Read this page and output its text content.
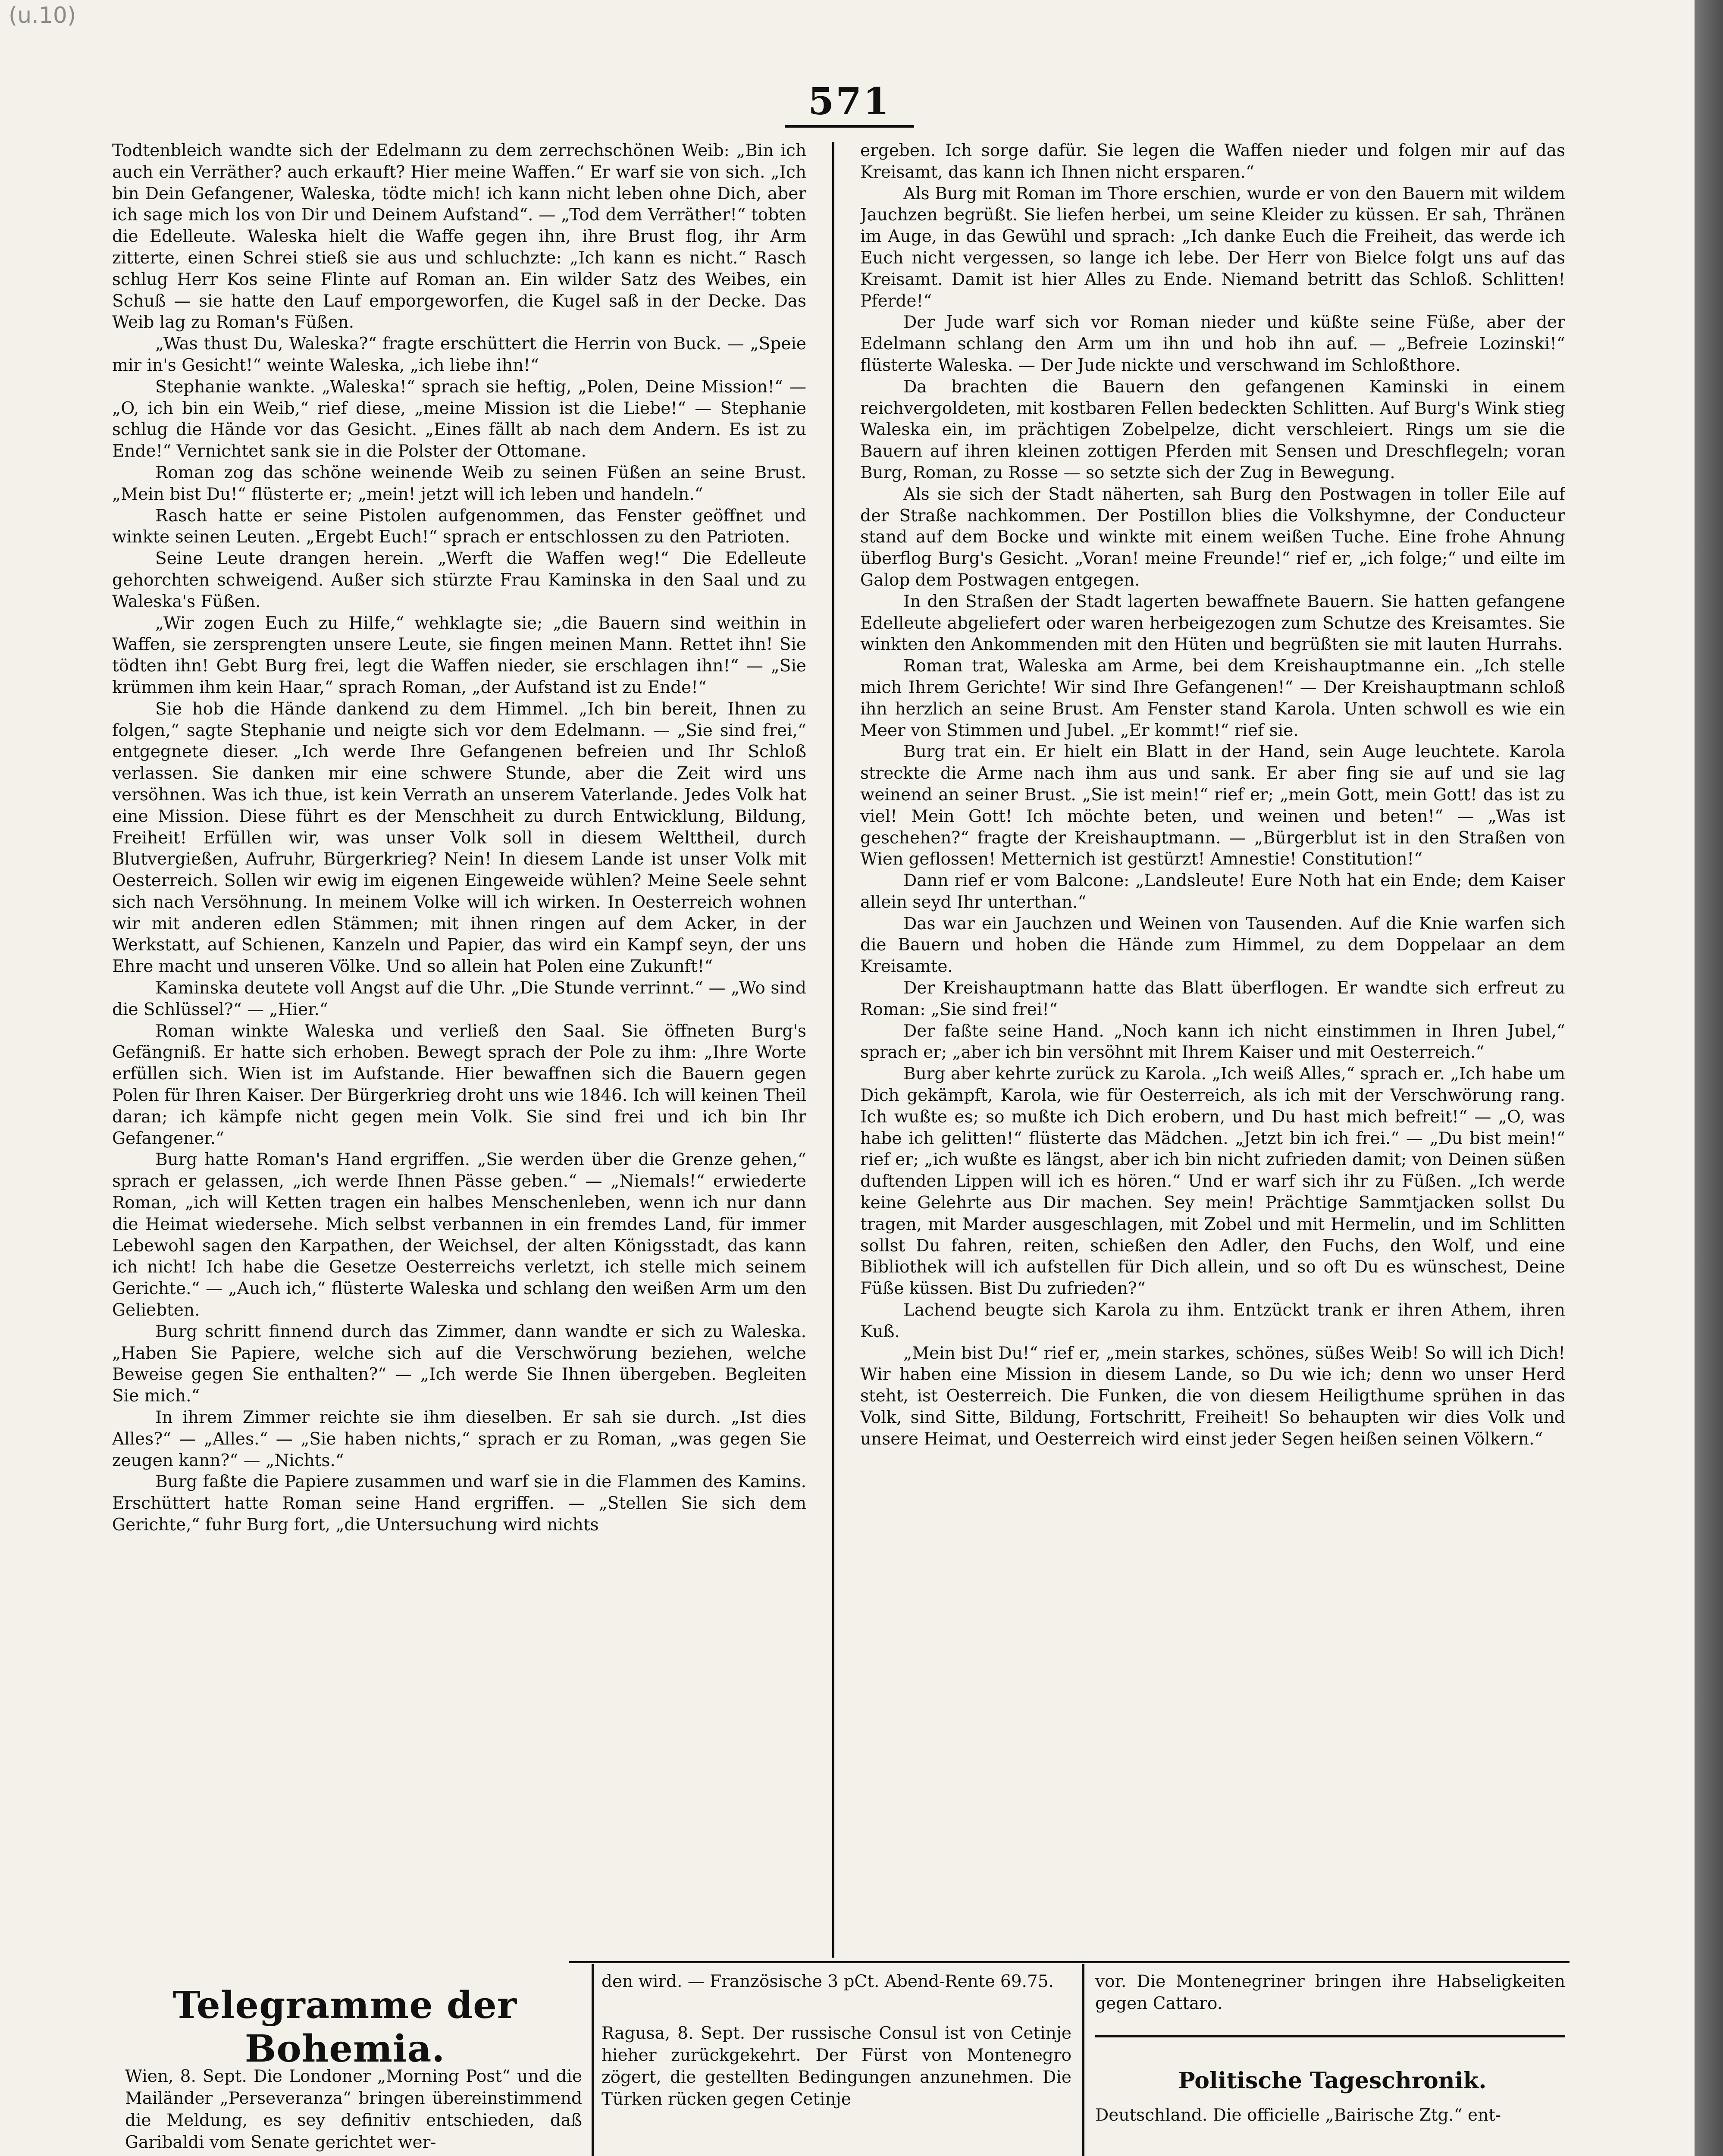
(u.10)
571

Todtenbleich wandte sich der Edelmann zu dem zerrechschönen Weib: „Bin ich auch ein Verräther? auch erkauft? Hier meine Waffen.“ Er warf sie von sich. „Ich bin Dein Gefangener, Waleska, tödte mich! ich kann nicht leben ohne Dich, aber ich sage mich los von Dir und Deinem Aufstand“. — „Tod dem Verräther!“ tobten die Edelleute. Waleska hielt die Waffe gegen ihn, ihre Brust flog, ihr Arm zitterte, einen Schrei stieß sie aus und schluchzte: „Ich kann es nicht.“ Rasch schlug Herr Kos seine Flinte auf Roman an. Ein wilder Satz des Weibes, ein Schuß — sie hatte den Lauf emporgeworfen, die Kugel saß in der Decke. Das Weib lag zu Roman's Füßen.

„Was thust Du, Waleska?“ fragte erschüttert die Herrin von Buck. — „Speie mir in's Gesicht!“ weinte Waleska, „ich liebe ihn!“

Stephanie wankte. „Waleska!“ sprach sie heftig, „Polen, Deine Mission!“ — „O, ich bin ein Weib,“ rief diese, „meine Mission ist die Liebe!“ — Stephanie schlug die Hände vor das Gesicht. „Eines fällt ab nach dem Andern. Es ist zu Ende!“ Vernichtet sank sie in die Polster der Ottomane.

Roman zog das schöne weinende Weib zu seinen Füßen an seine Brust. „Mein bist Du!“ flüsterte er; „mein! jetzt will ich leben und handeln.“

Rasch hatte er seine Pistolen aufgenommen, das Fenster geöffnet und winkte seinen Leuten. „Ergebt Euch!“ sprach er entschlossen zu den Patrioten.

Seine Leute drangen herein. „Werft die Waffen weg!“ Die Edelleute gehorchten schweigend. Außer sich stürzte Frau Kaminska in den Saal und zu Waleska's Füßen.

„Wir zogen Euch zu Hilfe,“ wehklagte sie; „die Bauern sind weithin in Waffen, sie zersprengten unsere Leute, sie fingen meinen Mann. Rettet ihn! Sie tödten ihn! Gebt Burg frei, legt die Waffen nieder, sie erschlagen ihn!“ — „Sie krümmen ihm kein Haar,“ sprach Roman, „der Aufstand ist zu Ende!“

Sie hob die Hände dankend zu dem Himmel. „Ich bin bereit, Ihnen zu folgen,“ sagte Stephanie und neigte sich vor dem Edelmann. — „Sie sind frei,“ entgegnete dieser. „Ich werde Ihre Gefangenen befreien und Ihr Schloß verlassen. Sie danken mir eine schwere Stunde, aber die Zeit wird uns versöhnen. Was ich thue, ist kein Verrath an unserem Vaterlande. Jedes Volk hat eine Mission. Diese führt es der Menschheit zu durch Entwicklung, Bildung, Freiheit! Erfüllen wir, was unser Volk soll in diesem Welttheil, durch Blutvergießen, Aufruhr, Bürgerkrieg? Nein! In diesem Lande ist unser Volk mit Oesterreich. Sollen wir ewig im eigenen Eingeweide wühlen? Meine Seele sehnt sich nach Versöhnung. In meinem Volke will ich wirken. In Oesterreich wohnen wir mit anderen edlen Stämmen; mit ihnen ringen auf dem Acker, in der Werkstatt, auf Schienen, Kanzeln und Papier, das wird ein Kampf seyn, der uns Ehre macht und unseren Völke. Und so allein hat Polen eine Zukunft!“

Kaminska deutete voll Angst auf die Uhr. „Die Stunde verrinnt.“ — „Wo sind die Schlüssel?“ — „Hier.“

Roman winkte Waleska und verließ den Saal. Sie öffneten Burg's Gefängniß. Er hatte sich erhoben. Bewegt sprach der Pole zu ihm: „Ihre Worte erfüllen sich. Wien ist im Aufstande. Hier bewaffnen sich die Bauern gegen Polen für Ihren Kaiser. Der Bürgerkrieg droht uns wie 1846. Ich will keinen Theil daran; ich kämpfe nicht gegen mein Volk. Sie sind frei und ich bin Ihr Gefangener.“

Burg hatte Roman's Hand ergriffen. „Sie werden über die Grenze gehen,“ sprach er gelassen, „ich werde Ihnen Pässe geben.“ — „Niemals!“ erwiederte Roman, „ich will Ketten tragen ein halbes Menschenleben, wenn ich nur dann die Heimat wiedersehe. Mich selbst verbannen in ein fremdes Land, für immer Lebewohl sagen den Karpathen, der Weichsel, der alten Königsstadt, das kann ich nicht! Ich habe die Gesetze Oesterreichs verletzt, ich stelle mich seinem Gerichte.“ — „Auch ich,“ flüsterte Waleska und schlang den weißen Arm um den Geliebten.

Burg schritt finnend durch das Zimmer, dann wandte er sich zu Waleska. „Haben Sie Papiere, welche sich auf die Verschwörung beziehen, welche Beweise gegen Sie enthalten?“ — „Ich werde Sie Ihnen übergeben. Begleiten Sie mich.“

In ihrem Zimmer reichte sie ihm dieselben. Er sah sie durch. „Ist dies Alles?“ — „Alles.“ — „Sie haben nichts,“ sprach er zu Roman, „was gegen Sie zeugen kann?“ — „Nichts.“

Burg faßte die Papiere zusammen und warf sie in die Flammen des Kamins. Erschüttert hatte Roman seine Hand ergriffen. — „Stellen Sie sich dem Gerichte,“ fuhr Burg fort, „die Untersuchung wird nichts

ergeben. Ich sorge dafür. Sie legen die Waffen nieder und folgen mir auf das Kreisamt, das kann ich Ihnen nicht ersparen.“

Als Burg mit Roman im Thore erschien, wurde er von den Bauern mit wildem Jauchzen begrüßt. Sie liefen herbei, um seine Kleider zu küssen. Er sah, Thränen im Auge, in das Gewühl und sprach: „Ich danke Euch die Freiheit, das werde ich Euch nicht vergessen, so lange ich lebe. Der Herr von Bielce folgt uns auf das Kreisamt. Damit ist hier Alles zu Ende. Niemand betritt das Schloß. Schlitten! Pferde!“

Der Jude warf sich vor Roman nieder und küßte seine Füße, aber der Edelmann schlang den Arm um ihn und hob ihn auf. — „Befreie Lozinski!“ flüsterte Waleska. — Der Jude nickte und verschwand im Schloßthore.

Da brachten die Bauern den gefangenen Kaminski in einem reichvergoldeten, mit kostbaren Fellen bedeckten Schlitten. Auf Burg's Wink stieg Waleska ein, im prächtigen Zobelpelze, dicht verschleiert. Rings um sie die Bauern auf ihren kleinen zottigen Pferden mit Sensen und Dreschflegeln; voran Burg, Roman, zu Rosse — so setzte sich der Zug in Bewegung.

Als sie sich der Stadt näherten, sah Burg den Postwagen in toller Eile auf der Straße nachkommen. Der Postillon blies die Volkshymne, der Conducteur stand auf dem Bocke und winkte mit einem weißen Tuche. Eine frohe Ahnung überflog Burg's Gesicht. „Voran! meine Freunde!“ rief er, „ich folge;“ und eilte im Galop dem Postwagen entgegen.

In den Straßen der Stadt lagerten bewaffnete Bauern. Sie hatten gefangene Edelleute abgeliefert oder waren herbeigezogen zum Schutze des Kreisamtes. Sie winkten den Ankommenden mit den Hüten und begrüßten sie mit lauten Hurrahs.

Roman trat, Waleska am Arme, bei dem Kreishauptmanne ein. „Ich stelle mich Ihrem Gerichte! Wir sind Ihre Gefangenen!“ — Der Kreishauptmann schloß ihn herzlich an seine Brust. Am Fenster stand Karola. Unten schwoll es wie ein Meer von Stimmen und Jubel. „Er kommt!“ rief sie.

Burg trat ein. Er hielt ein Blatt in der Hand, sein Auge leuchtete. Karola streckte die Arme nach ihm aus und sank. Er aber fing sie auf und sie lag weinend an seiner Brust. „Sie ist mein!“ rief er; „mein Gott, mein Gott! das ist zu viel! Mein Gott! Ich möchte beten, und weinen und beten!“ — „Was ist geschehen?“ fragte der Kreishauptmann. — „Bürgerblut ist in den Straßen von Wien geflossen! Metternich ist gestürzt! Amnestie! Constitution!“

Dann rief er vom Balcone: „Landsleute! Eure Noth hat ein Ende; dem Kaiser allein seyd Ihr unterthan.“

Das war ein Jauchzen und Weinen von Tausenden. Auf die Knie warfen sich die Bauern und hoben die Hände zum Himmel, zu dem Doppelaar an dem Kreisamte.

Der Kreishauptmann hatte das Blatt überflogen. Er wandte sich erfreut zu Roman: „Sie sind frei!“

Der faßte seine Hand. „Noch kann ich nicht einstimmen in Ihren Jubel,“ sprach er; „aber ich bin versöhnt mit Ihrem Kaiser und mit Oesterreich.“

Burg aber kehrte zurück zu Karola. „Ich weiß Alles,“ sprach er. „Ich habe um Dich gekämpft, Karola, wie für Oesterreich, als ich mit der Verschwörung rang. Ich wußte es; so mußte ich Dich erobern, und Du hast mich befreit!“ — „O, was habe ich gelitten!“ flüsterte das Mädchen. „Jetzt bin ich frei.“ — „Du bist mein!“ rief er; „ich wußte es längst, aber ich bin nicht zufrieden damit; von Deinen süßen duftenden Lippen will ich es hören.“ Und er warf sich ihr zu Füßen. „Ich werde keine Gelehrte aus Dir machen. Sey mein! Prächtige Sammtjacken sollst Du tragen, mit Marder ausgeschlagen, mit Zobel und mit Hermelin, und im Schlitten sollst Du fahren, reiten, schießen den Adler, den Fuchs, den Wolf, und eine Bibliothek will ich aufstellen für Dich allein, und so oft Du es wünschest, Deine Füße küssen. Bist Du zufrieden?“

Lachend beugte sich Karola zu ihm. Entzückt trank er ihren Athem, ihren Kuß.

„Mein bist Du!“ rief er, „mein starkes, schönes, süßes Weib! So will ich Dich! Wir haben eine Mission in diesem Lande, so Du wie ich; denn wo unser Herd steht, ist Oesterreich. Die Funken, die von diesem Heiligthume sprühen in das Volk, sind Sitte, Bildung, Fortschritt, Freiheit! So behaupten wir dies Volk und unsere Heimat, und Oesterreich wird einst jeder Segen heißen seinen Völkern.“

Telegramme der Bohemia.
Wien, 8. Sept. Die Londoner „Morning Post“ und die Mailänder „Perseveranza“ bringen übereinstimmend die Meldung, es sey definitiv entschieden, daß Garibaldi vom Senate gerichtet wer-
den wird. — Französische 3 pCt. Abend-Rente 69.75.
Ragusa, 8. Sept. Der russische Consul ist von Cetinje hieher zurückgekehrt. Der Fürst von Montenegro zögert, die gestellten Bedingungen anzunehmen. Die Türken rücken gegen Cetinje
vor. Die Montenegriner bringen ihre Habseligkeiten gegen Cattaro.
Politische Tageschronik.
Deutschland. Die officielle „Bairische Ztg.“ ent-
